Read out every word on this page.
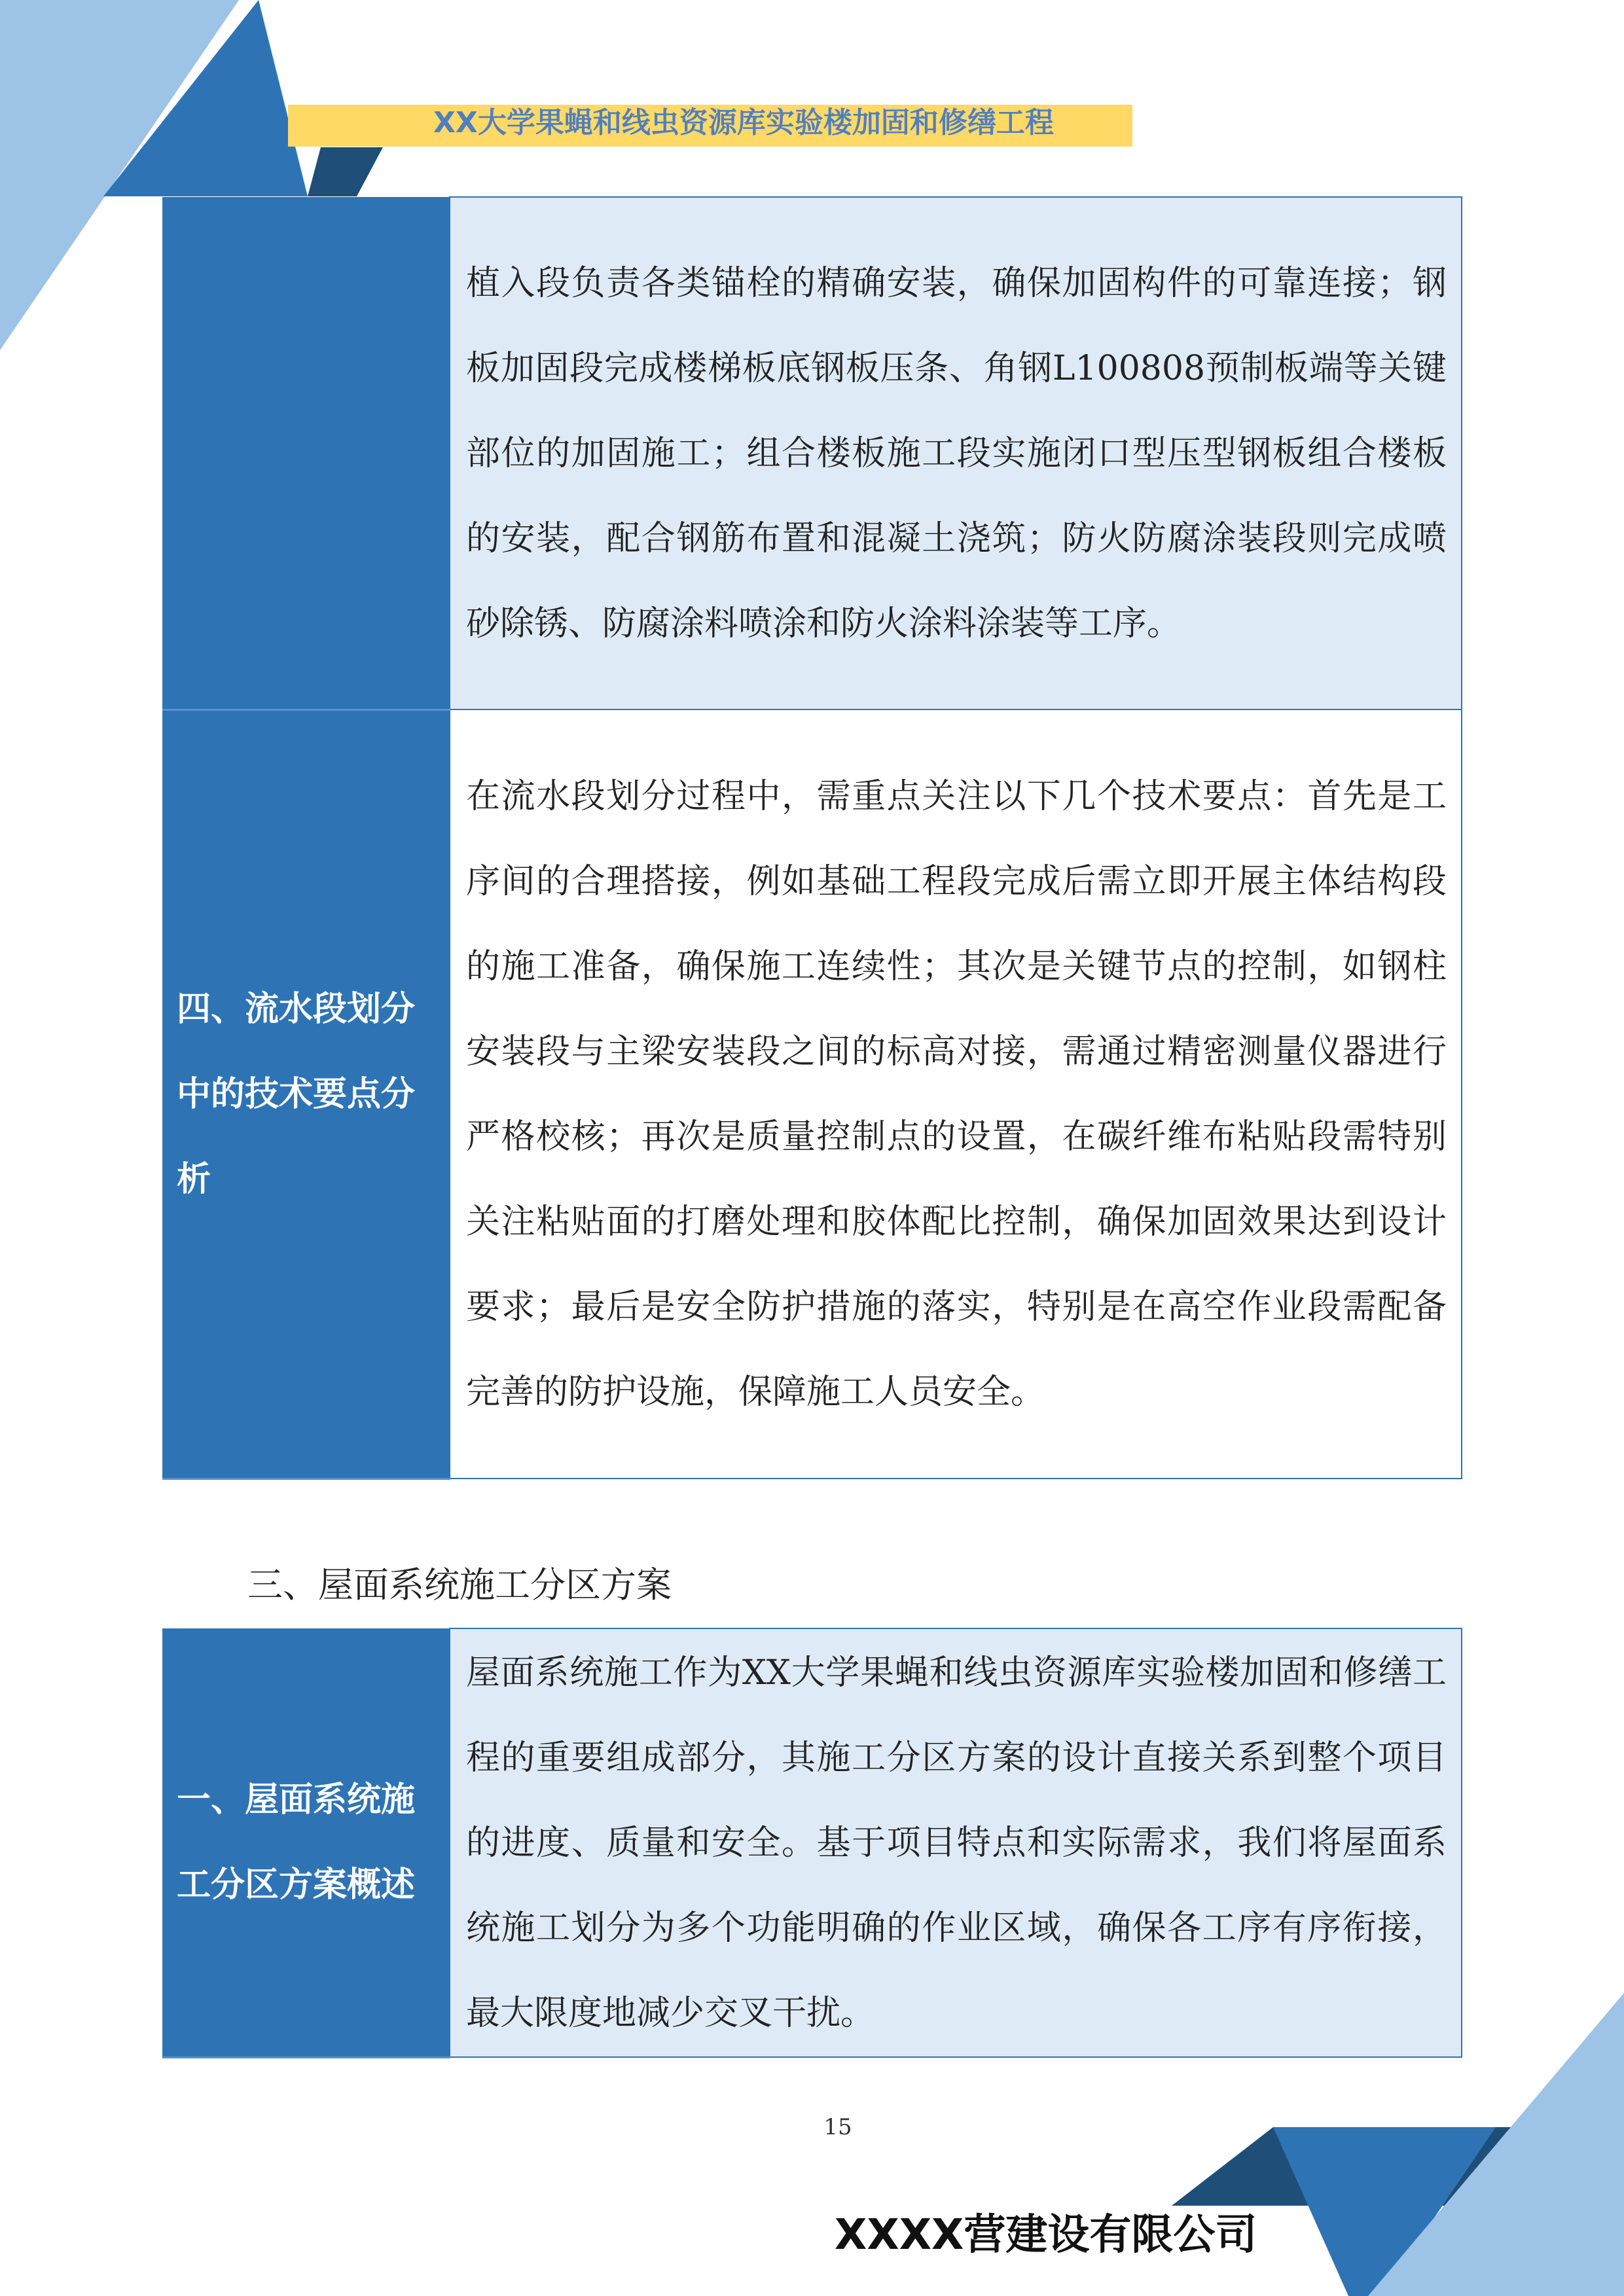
XX大学果蝇和线虫资源库实验楼加固和修缮工程
	植入段负责各类锚栓的精确安装，确保加固构件的可靠连接；钢板加固段完成楼梯板底钢板压条、角钢L100808预制板端等关键部位的加固施工；组合楼板施工段实施闭口型压型钢板组合楼板的安装，配合钢筋布置和混凝土浇筑；防火防腐涂装段则完成喷砂除锈、防腐涂料喷涂和防火涂料涂装等工序。
四、流水段划分中的技术要点分析	在流水段划分过程中，需重点关注以下几个技术要点：首先是工序间的合理搭接，例如基础工程段完成后需立即开展主体结构段的施工准备，确保施工连续性；其次是关键节点的控制，如钢柱安装段与主梁安装段之间的标高对接，需通过精密测量仪器进行严格校核；再次是质量控制点的设置，在碳纤维布粘贴段需特别关注粘贴面的打磨处理和胶体配比控制，确保加固效果达到设计要求；最后是安全防护措施的落实，特别是在高空作业段需配备完善的防护设施，保障施工人员安全。
三、屋面系统施工分区方案
一、屋面系统施工分区方案概述	屋面系统施工作为XX大学果蝇和线虫资源库实验楼加固和修缮工程的重要组成部分，其施工分区方案的设计直接关系到整个项目的进度、质量和安全。基于项目特点和实际需求，我们将屋面系统施工划分为多个功能明确的作业区域，确保各工序有序衔接，最大限度地减少交叉干扰。
15
XXXX营建设有限公司
